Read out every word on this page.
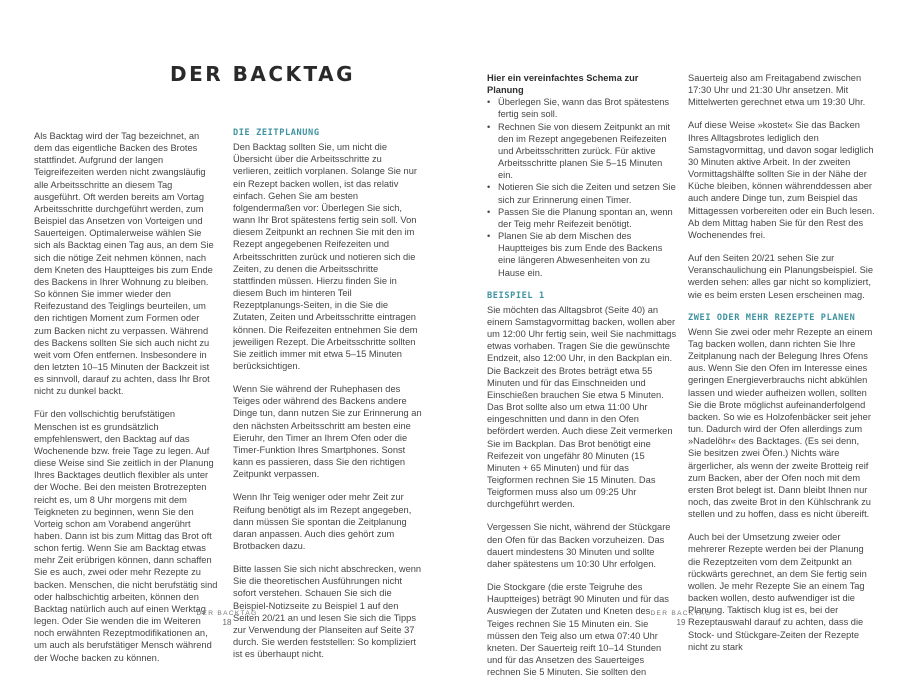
DER BACKTAG

Als Backtag wird der Tag bezeichnet, an dem das eigentliche Backen des Brotes stattfindet. Aufgrund der langen Teigreifezeiten werden nicht zwangsläufig alle Arbeitsschritte an diesem Tag ausgeführt. Oft werden bereits am Vortag Arbeitsschritte durchgeführt werden, zum Beispiel das Ansetzen von Vorteigen und Sauerteigen. Optimalerweise wählen Sie sich als Backtag einen Tag aus, an dem Sie sich die nötige Zeit nehmen können, nach dem Kneten des Hauptteiges bis zum Ende des Backens in Ihrer Wohnung zu bleiben. So können Sie immer wieder den Reifezustand des Teiglings beurteilen, um den richtigen Moment zum Formen oder zum Backen nicht zu verpassen. Während des Backens sollten Sie sich auch nicht zu weit vom Ofen entfernen. Insbesondere in den letzten 10–15 Minuten der Backzeit ist es sinnvoll, darauf zu achten, dass Ihr Brot nicht zu dunkel backt.

Für den vollschichtig berufstätigen Menschen ist es grundsätzlich empfehlenswert, den Backtag auf das Wochenende bzw. freie Tage zu legen. Auf diese Weise sind Sie zeitlich in der Planung Ihres Backtages deutlich flexibler als unter der Woche. Bei den meisten Brotrezepten reicht es, um 8 Uhr morgens mit dem Teigkneten zu beginnen, wenn Sie den Vorteig schon am Vorabend angerührt haben. Dann ist bis zum Mittag das Brot oft schon fertig. Wenn Sie am Backtag etwas mehr Zeit erübrigen können, dann schaffen Sie es auch, zwei oder mehr Rezepte zu backen. Menschen, die nicht berufstätig sind oder halbschichtig arbeiten, können den Backtag natürlich auch auf einen Werktag legen. Oder Sie wenden die im Weiteren noch erwähnten Rezeptmodifikationen an, um auch als berufstätiger Mensch während der Woche backen zu können.

DIE ZEITPLANUNG

Den Backtag sollten Sie, um nicht die Übersicht über die Arbeitsschritte zu verlieren, zeitlich vorplanen. Solange Sie nur ein Rezept backen wollen, ist das relativ einfach. Gehen Sie am besten folgendermaßen vor: Überlegen Sie sich, wann Ihr Brot spätestens fertig sein soll. Von diesem Zeitpunkt an rechnen Sie mit den im Rezept angegebenen Reifezeiten und Arbeitsschritten zurück und notieren sich die Zeiten, zu denen die Arbeitsschritte stattfinden müssen. Hierzu finden Sie in diesem Buch im hinteren Teil Rezeptplanungs-Seiten, in die Sie die Zutaten, Zeiten und Arbeitsschritte eintragen können. Die Reifezeiten entnehmen Sie dem jeweiligen Rezept. Die Arbeitsschritte sollten Sie zeitlich immer mit etwa 5–15 Minuten berücksichtigen.

Wenn Sie während der Ruhephasen des Teiges oder während des Backens andere Dinge tun, dann nutzen Sie zur Erinnerung an den nächsten Arbeitsschritt am besten eine Eieruhr, den Timer an Ihrem Ofen oder die Timer-Funktion Ihres Smartphones. Sonst kann es passieren, dass Sie den richtigen Zeitpunkt verpassen.

Wenn Ihr Teig weniger oder mehr Zeit zur Reifung benötigt als im Rezept angegeben, dann müssen Sie spontan die Zeitplanung daran anpassen. Auch dies gehört zum Brotbacken dazu.

Bitte lassen Sie sich nicht abschrecken, wenn Sie die theoretischen Ausführungen nicht sofort verstehen. Schauen Sie sich die Beispiel-Notizseite zu Beispiel 1 auf den Seiten 20/21 an und lesen Sie sich die Tipps zur Verwendung der Planseiten auf Seite 37 durch. Sie werden feststellen: So kompliziert ist es überhaupt nicht.

DER BACKTAG
18
Hier ein vereinfachtes Schema zur Planung
• Überlegen Sie, wann das Brot spätestens fertig sein soll.
• Rechnen Sie von diesem Zeitpunkt an mit den im Rezept angegebenen Reifezeiten und Arbeitsschritten zurück. Für aktive Arbeitsschritte planen Sie 5–15 Minuten ein.
• Notieren Sie sich die Zeiten und setzen Sie sich zur Erinnerung einen Timer.
• Passen Sie die Planung spontan an, wenn der Teig mehr Reifezeit benötigt.
• Planen Sie ab dem Mischen des Hauptteiges bis zum Ende des Backens eine längeren Abwesenheiten von zu Hause ein.
BEISPIEL 1

Sie möchten das Alltagsbrot (Seite 40) an einem Samstagvormittag backen, wollen aber um 12:00 Uhr fertig sein, weil Sie nachmittags etwas vorhaben. Tragen Sie die gewünschte Endzeit, also 12:00 Uhr, in den Backplan ein. Die Backzeit des Brotes beträgt etwa 55 Minuten und für das Einschneiden und Einschießen brauchen Sie etwa 5 Minuten. Das Brot sollte also um etwa 11:00 Uhr eingeschnitten und dann in den Ofen befördert werden. Auch diese Zeit vermerken Sie im Backplan. Das Brot benötigt eine Reifezeit von ungefähr 80 Minuten (15 Minuten + 65 Minuten) und für das Teigformen rechnen Sie 15 Minuten. Das Teigformen muss also um 09:25 Uhr durchgeführt werden.

Vergessen Sie nicht, während der Stückgare den Ofen für das Backen vorzuheizen. Das dauert mindestens 30 Minuten und sollte daher spätestens um 10:30 Uhr erfolgen.

Die Stockgare (die erste Teigruhe des Hauptteiges) beträgt 90 Minuten und für das Auswiegen der Zutaten und Kneten des Teiges rechnen Sie 15 Minuten ein. Sie müssen den Teig also um etwa 07:40 Uhr kneten. Der Sauerteig reift 10–14 Stunden und für das Ansetzen des Sauerteiges rechnen Sie 5 Minuten. Sie sollten den

Sauerteig also am Freitagabend zwischen 17:30 Uhr und 21:30 Uhr ansetzen. Mit Mittelwerten gerechnet etwa um 19:30 Uhr.

Auf diese Weise »kostet« Sie das Backen Ihres Alltagsbrotes lediglich den Samstagvormittag, und davon sogar lediglich 30 Minuten aktive Arbeit. In der zweiten Vormittagshälfte sollten Sie in der Nähe der Küche bleiben, können währenddessen aber auch andere Dinge tun, zum Beispiel das Mittagessen vorbereiten oder ein Buch lesen. Ab dem Mittag haben Sie für den Rest des Wochenendes frei.

Auf den Seiten 20/21 sehen Sie zur Veranschaulichung ein Planungsbeispiel. Sie werden sehen: alles gar nicht so kompliziert, wie es beim ersten Lesen erscheinen mag.

ZWEI ODER MEHR REZEPTE PLANEN

Wenn Sie zwei oder mehr Rezepte an einem Tag backen wollen, dann richten Sie Ihre Zeitplanung nach der Belegung Ihres Ofens aus. Wenn Sie den Ofen im Interesse eines geringen Energieverbrauchs nicht abkühlen lassen und wieder aufheizen wollen, sollten Sie die Brote möglichst aufeinanderfolgend backen. So wie es Holzofenbäcker seit jeher tun. Dadurch wird der Ofen allerdings zum »Nadelöhr« des Backtages. (Es sei denn, Sie besitzen zwei Öfen.) Nichts wäre ärgerlicher, als wenn der zweite Brotteig reif zum Backen, aber der Ofen noch mit dem ersten Brot belegt ist. Dann bleibt Ihnen nur noch, das zweite Brot in den Kühlschrank zu stellen und zu hoffen, dass es nicht übereift.

Auch bei der Umsetzung zweier oder mehrerer Rezepte werden bei der Planung die Rezeptzeiten vom dem Zeitpunkt an rückwärts gerechnet, an dem Sie fertig sein wollen. Je mehr Rezepte Sie an einem Tag backen wollen, desto aufwendiger ist die Planung. Taktisch klug ist es, bei der Rezeptauswahl darauf zu achten, dass die Stock- und Stückgare-Zeiten der Rezepte nicht zu stark

DER BACKTAG
19
